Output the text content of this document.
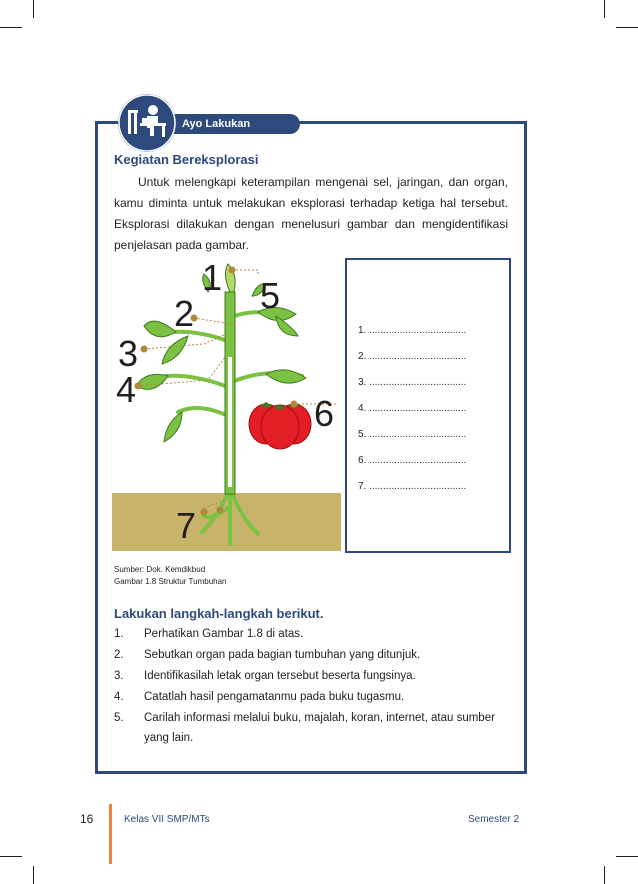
Ayo Lakukan
Kegiatan Bereksplorasi

Untuk melengkapi keterampilan mengenai sel, jaringan, dan organ, kamu diminta untuk melakukan eksplorasi terhadap ketiga hal tersebut. Eksplorasi dilakukan dengan menelusuri gambar dan mengidentifikasi penjelasan pada gambar.

1
2
3
4
5
6
7
1. ...................................
2. ...................................
3. ...................................
4. ...................................
5. ...................................
6. ...................................
7. ...................................
Sumber: Dok. Kemdikbud
Gambar 1.8 Struktur Tumbuhan
Lakukan langkah-langkah berikut.
1. Perhatikan Gambar 1.8 di atas.
2. Sebutkan organ pada bagian tumbuhan yang ditunjuk.
3. Identifikasilah letak organ tersebut beserta fungsinya.
4. Catatlah hasil pengamatanmu pada buku tugasmu.
5. Carilah informasi melalui buku, majalah, koran, internet, atau sumber yang lain.
16	Kelas VII SMP/MTs	Semester 2
